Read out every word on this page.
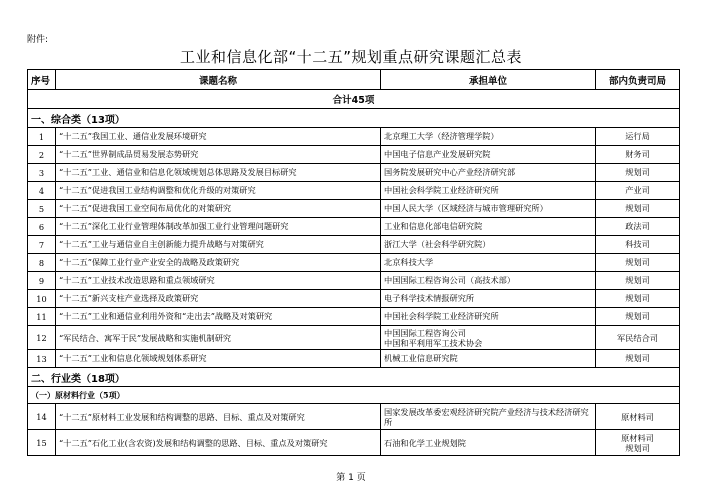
附件:
工业和信息化部“十二五”规划重点研究课题汇总表
序号	课题名称	承担单位	部内负责司局
合计45项			
一、综合类（13项）			
1	“十二五”我国工业、通信业发展环境研究	北京理工大学（经济管理学院）	运行局
2	“十二五”世界制成品贸易发展态势研究	中国电子信息产业发展研究院	财务司
3	“十二五”工业、通信业和信息化领域规划总体思路及发展目标研究	国务院发展研究中心产业经济研究部	规划司
4	“十二五”促进我国工业结构调整和优化升级的对策研究	中国社会科学院工业经济研究所	产业司
5	“十二五”促进我国工业空间布局优化的对策研究	中国人民大学（区域经济与城市管理研究所）	规划司
6	“十二五”深化工业行业管理体制改革加强工业行业管理问题研究	工业和信息化部电信研究院	政法司
7	“十二五”工业与通信业自主创新能力提升战略与对策研究	浙江大学（社会科学研究院）	科技司
8	“十二五”保障工业行业产业安全的战略及政策研究	北京科技大学	规划司
9	“十二五”工业技术改造思路和重点领域研究	中国国际工程咨询公司（高技术部）	规划司
10	“十二五”新兴支柱产业选择及政策研究	电子科学技术情报研究所	规划司
11	“十二五”工业和通信业利用外资和“走出去”战略及对策研究	中国社会科学院工业经济研究所	规划司
12	“军民结合、寓军于民”发展战略和实施机制研究	中国国际工程咨询公司
中国和平利用军工技术协会	军民结合司
13	“十二五”工业和信息化领域规划体系研究	机械工业信息研究院	规划司
二、行业类（18项）			
（一）原材料行业（5项）			
14	“十二五”原材料工业发展和结构调整的思路、目标、重点及对策研究	国家发展改革委宏观经济研究院产业经济与技术经济研究所	原材料司
15	“十二五”石化工业(含农资)发展和结构调整的思路、目标、重点及对策研究	石油和化学工业规划院	原材料司
规划司
第 1 页
